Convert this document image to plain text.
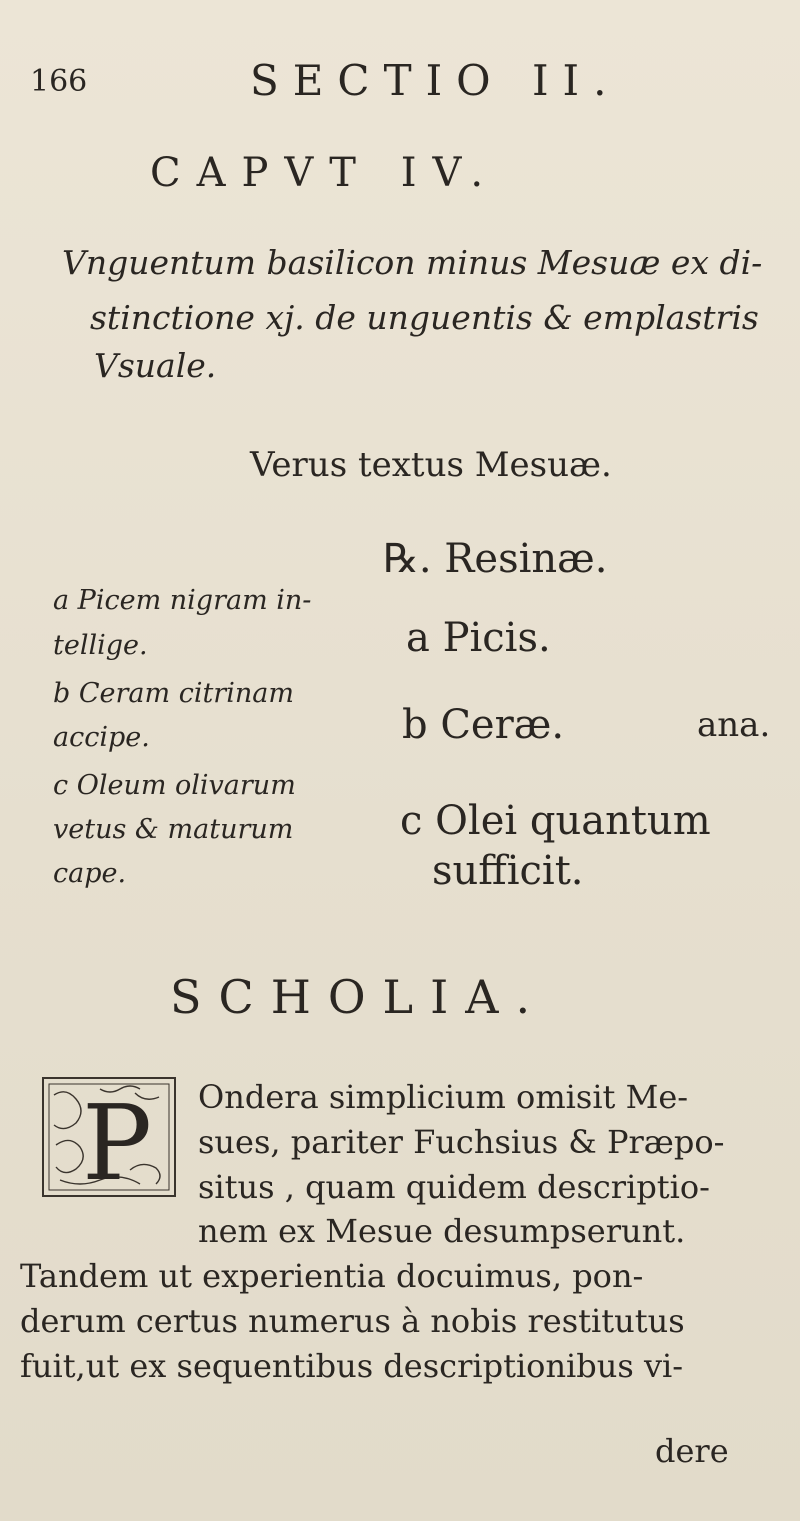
166	SECTIO II.
CAPVT IV.
Vnguentum basilicon minus Mesuæ ex di-
stinctione xj. de unguentis & emplastris
Vsuale.
Verus textus Mesuæ.
℞. Resinæ.
a Picem nigram in-
tellige.
b Ceram citrinam
accipe.
c Oleum olivarum
vetus & maturum
cape.
a Picis.
b Ceræ.	ana.
c Olei quantum
sufficit.
SCHOLIA.
P Ondera simplicium omisit Me-
sues, pariter Fuchsius & Præpo-
situs , quam quidem descriptio-
nem ex Mesue desumpserunt.
Tandem ut experientia docuimus, pon-
derum certus numerus à nobis restitutus
fuit,ut ex sequentibus descriptionibus vi-
dere
